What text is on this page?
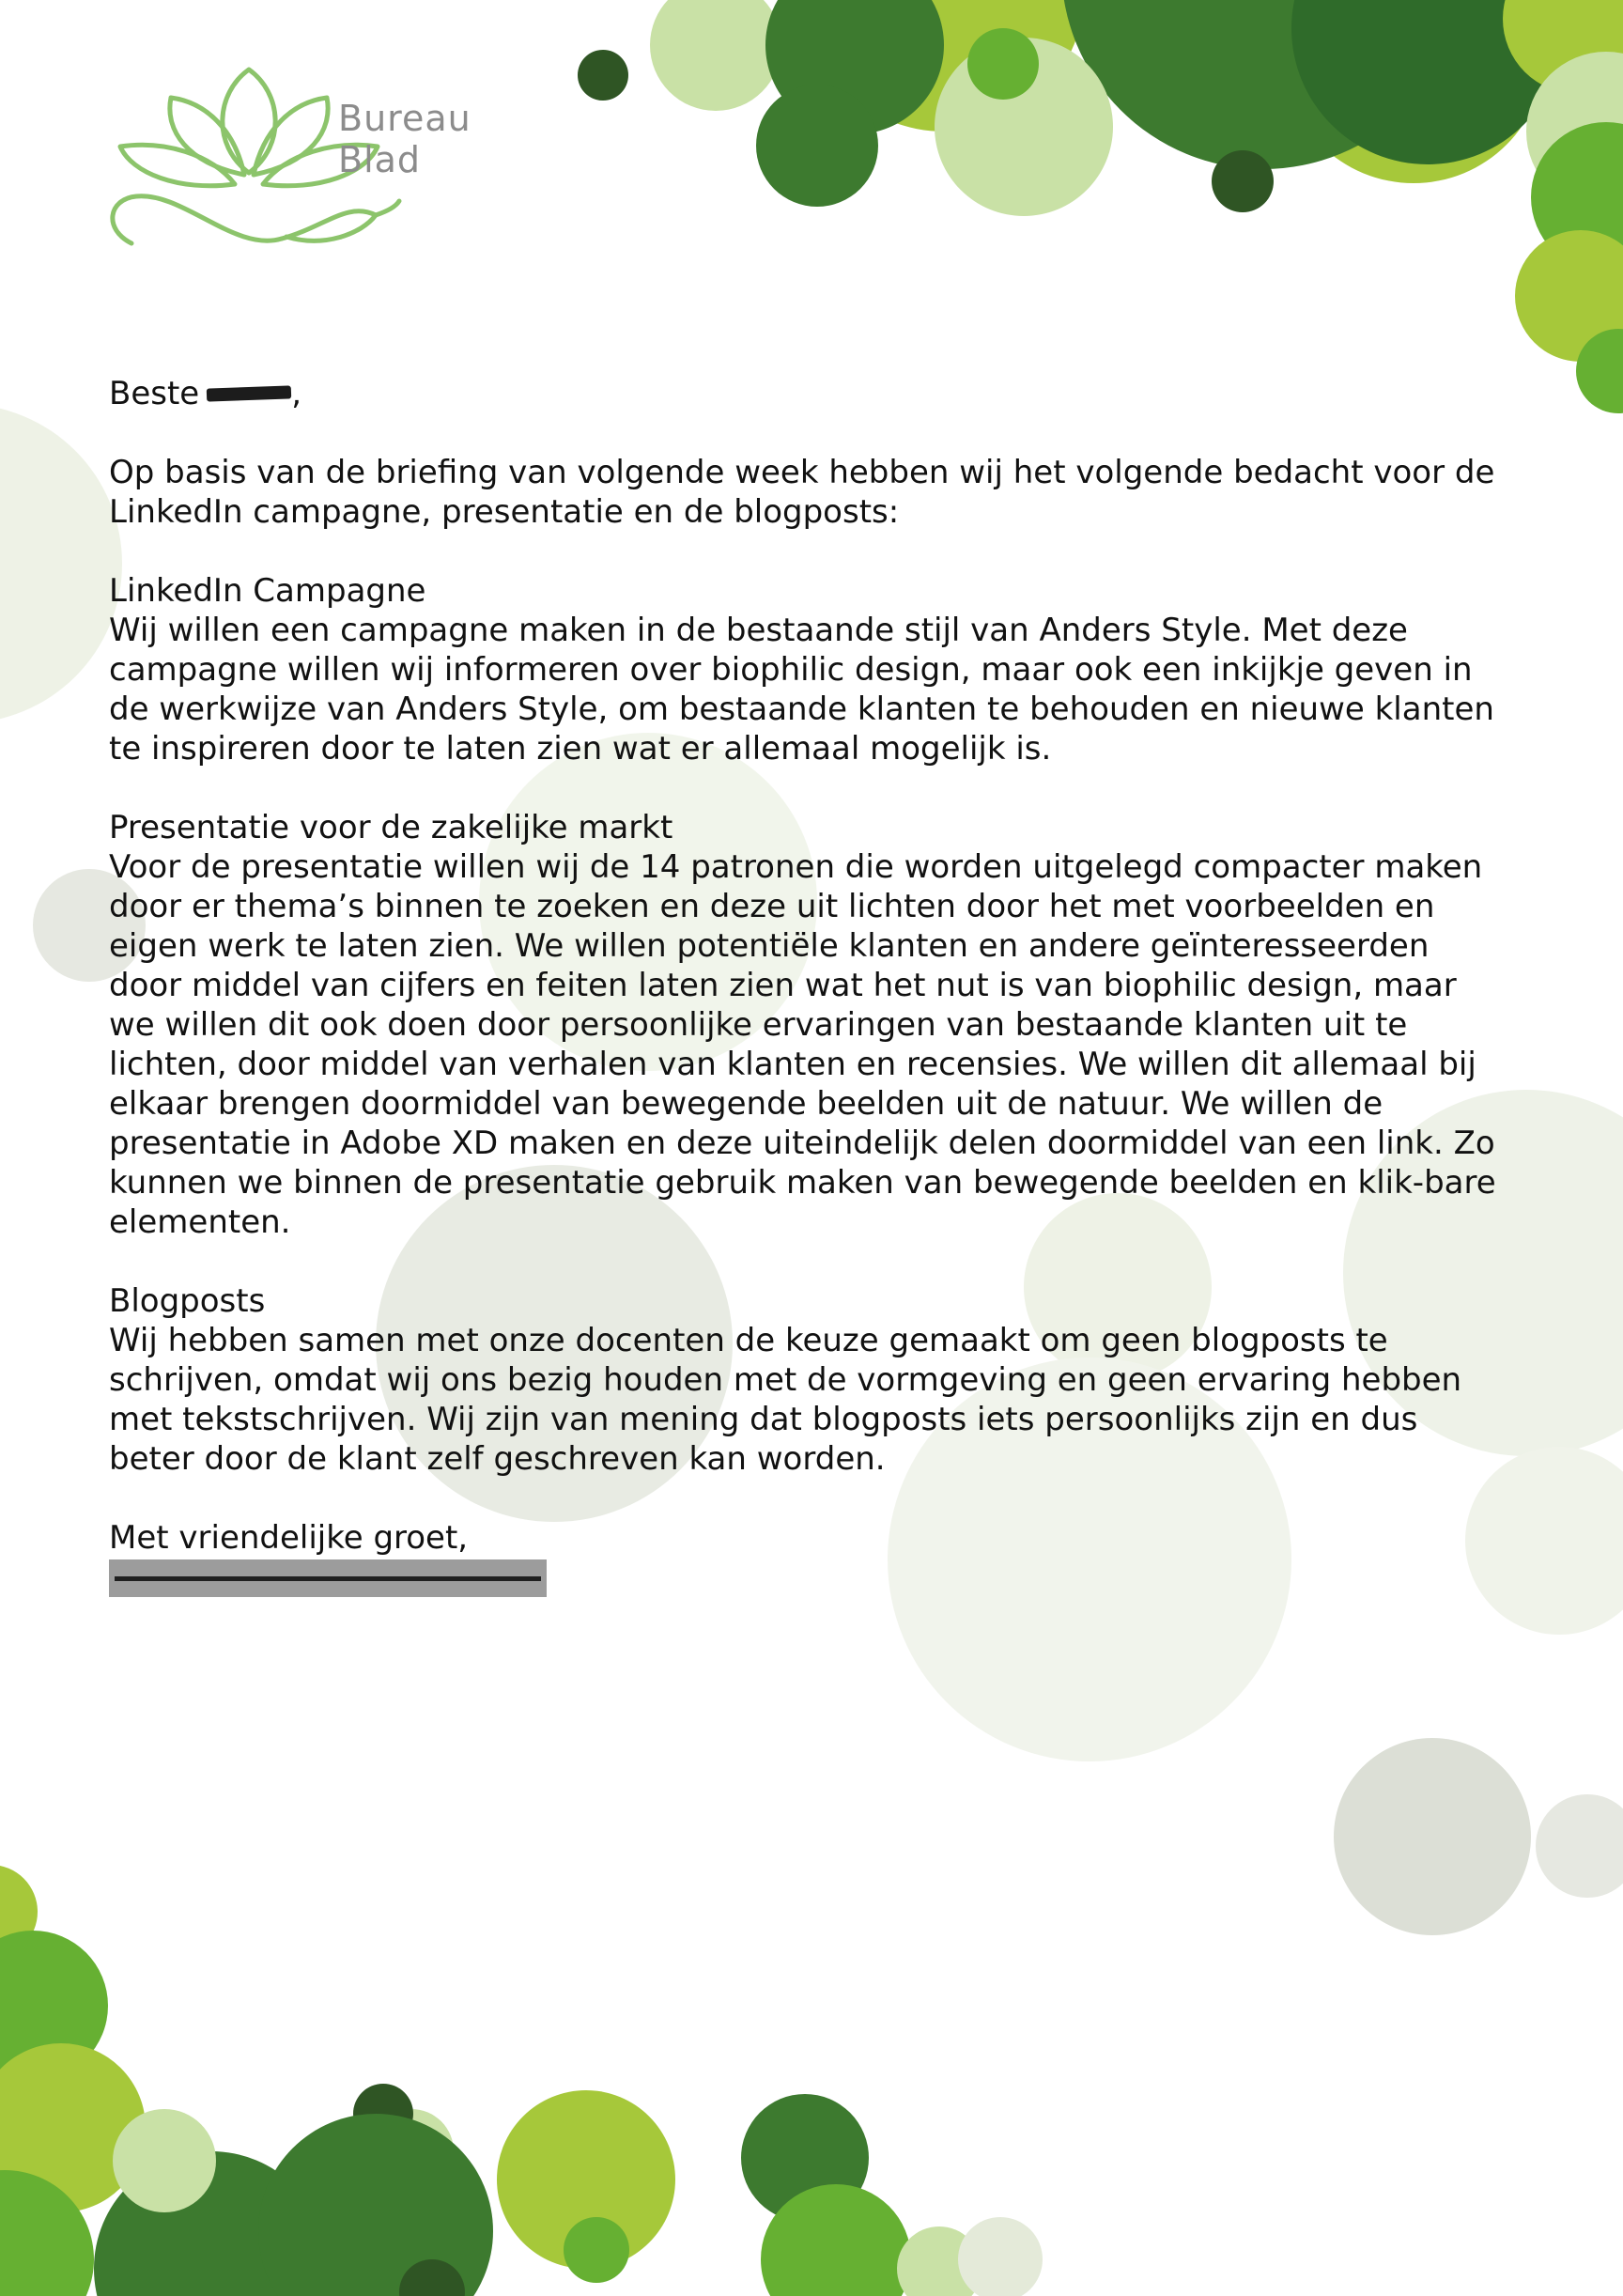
Bureau
Blad

Beste	,

Op basis van de briefing van volgende week hebben wij het volgende bedacht voor de LinkedIn campagne, presentatie en de blogposts:

LinkedIn Campagne

Wij willen een campagne maken in de bestaande stijl van Anders Style. Met deze campagne willen wij informeren over biophilic design, maar ook een inkijkje geven in de werkwijze van Anders Style, om bestaande klanten te behouden en nieuwe klanten te inspireren door te laten zien wat er allemaal mogelijk is.

Presentatie voor de zakelijke markt

Voor de presentatie willen wij de 14 patronen die worden uitgelegd compacter maken door er thema’s binnen te zoeken en deze uit lichten door het met voorbeelden en eigen werk te laten zien. We willen potentiële klanten en andere geïnteresseerden door middel van cijfers en feiten laten zien wat het nut is van biophilic design, maar we willen dit ook doen door persoonlijke ervaringen van bestaande klanten uit te lichten, door middel van verhalen van klanten en recensies. We willen dit allemaal bij elkaar brengen doormiddel van bewegende beelden uit de natuur. We willen de presentatie in Adobe XD maken en deze uiteindelijk delen doormiddel van een link. Zo kunnen we binnen de presentatie gebruik maken van bewegende beelden en klik-bare elementen.

Blogposts

Wij hebben samen met onze docenten de keuze gemaakt om geen blogposts te schrijven, omdat wij ons bezig houden met de vormgeving en geen ervaring hebben met tekstschrijven. Wij zijn van mening dat blogposts iets persoonlijks zijn en dus beter door de klant zelf geschreven kan worden.

Met vriendelijke groet,
